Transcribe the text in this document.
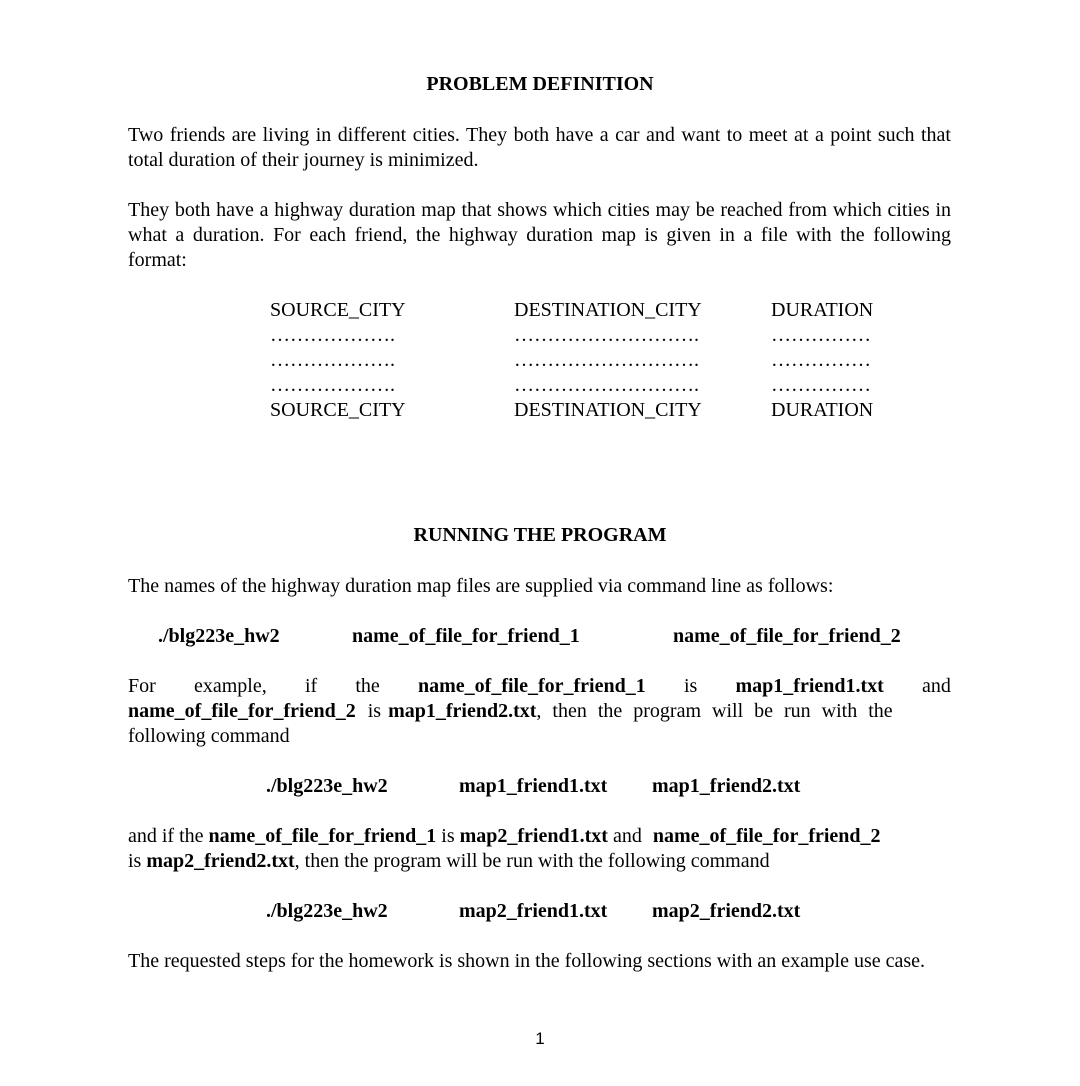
PROBLEM DEFINITION

Two friends are living in different cities. They both have a car and want to meet at a point such that total duration of their journey is minimized.

They both have a highway duration map that shows which cities may be reached from which cities in what a duration. For each friend, the highway duration map is given in a file with the following format:

SOURCE_CITY	DESTINATION_CITY	DURATION
……………….	……………………….	……………
……………….	……………………….	……………
……………….	……………………….	……………
SOURCE_CITY	DESTINATION_CITY	DURATION
RUNNING THE PROGRAM

The names of the highway duration map files are supplied via command line as follows:

./blg223e_hw2	name_of_file_for_friend_1	name_of_file_for_friend_2
For example, if the name_of_file_for_friend_1 is map1_friend1.txt and
name_of_file_for_friend_2 is map1_friend2.txt, then the program will be run with the
following command
./blg223e_hw2	map1_friend1.txt map1_friend2.txt
and if the name_of_file_for_friend_1 is map2_friend1.txt and name_of_file_for_friend_2
is map2_friend2.txt, then the program will be run with the following command
./blg223e_hw2	map2_friend1.txt map2_friend2.txt

The requested steps for the homework is shown in the following sections with an example use case.

1
